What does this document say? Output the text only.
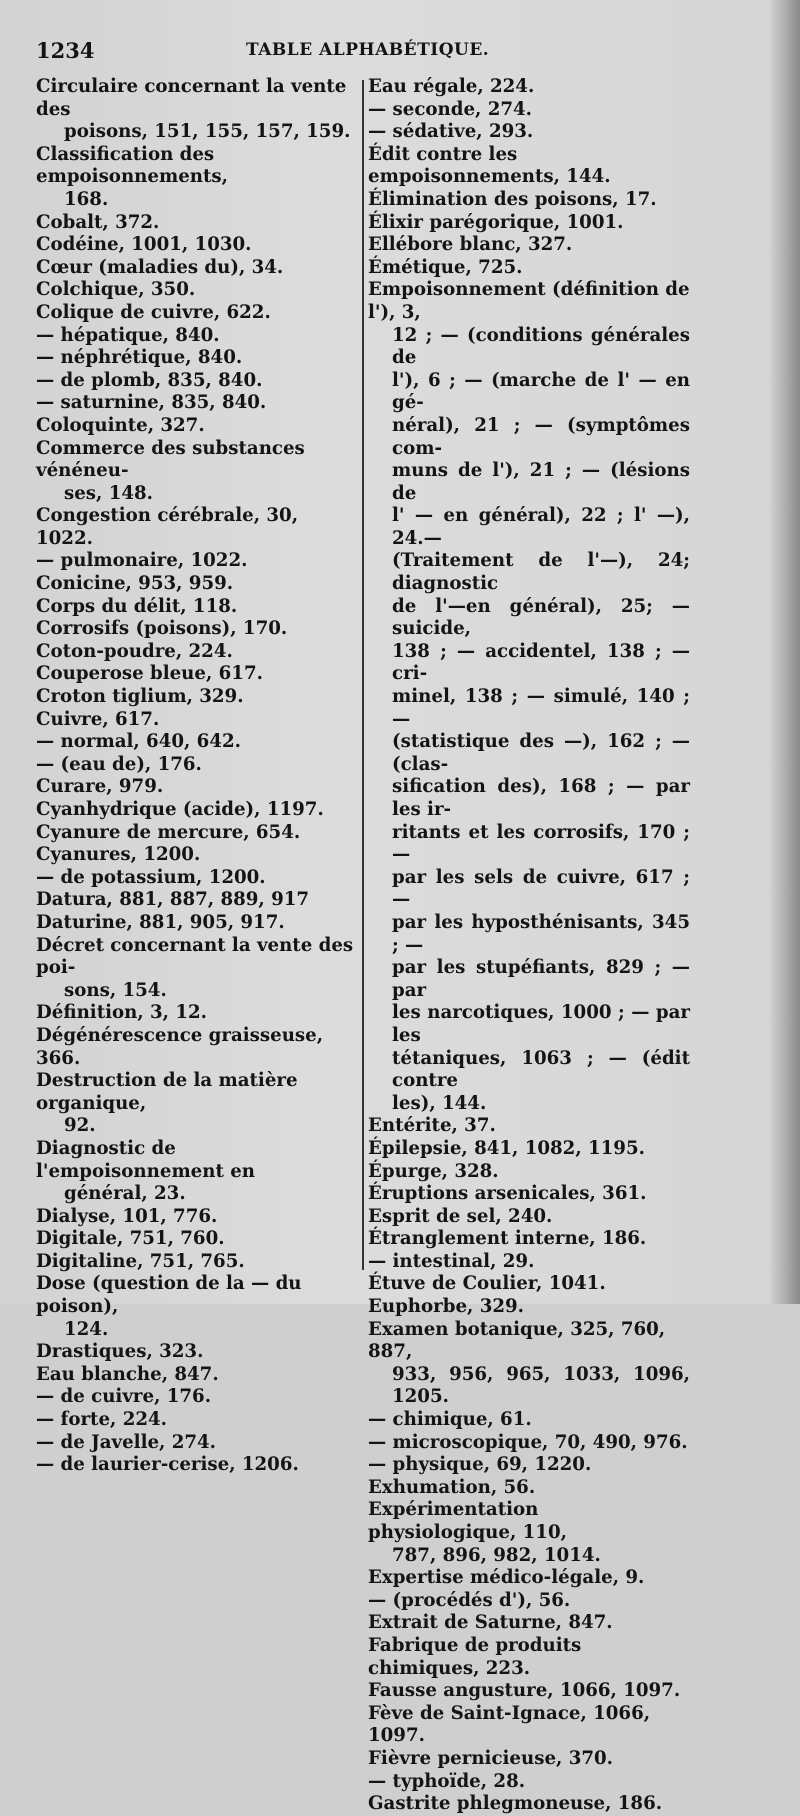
1234	TABLE ALPHABÉTIQUE.
Circulaire concernant la vente des
poisons, 151, 155, 157, 159.
Classification des empoisonnements,
168.
Cobalt, 372.
Codéine, 1001, 1030.
Cœur (maladies du), 34.
Colchique, 350.
Colique de cuivre, 622.
— hépatique, 840.
— néphrétique, 840.
— de plomb, 835, 840.
— saturnine, 835, 840.
Coloquinte, 327.
Commerce des substances vénéneu-
ses, 148.
Congestion cérébrale, 30, 1022.
— pulmonaire, 1022.
Conicine, 953, 959.
Corps du délit, 118.
Corrosifs (poisons), 170.
Coton-poudre, 224.
Couperose bleue, 617.
Croton tiglium, 329.
Cuivre, 617.
— normal, 640, 642.
— (eau de), 176.
Curare, 979.
Cyanhydrique (acide), 1197.
Cyanure de mercure, 654.
Cyanures, 1200.
— de potassium, 1200.
Datura, 881, 887, 889, 917
Daturine, 881, 905, 917.
Décret concernant la vente des poi-
sons, 154.
Définition, 3, 12.
Dégénérescence graisseuse, 366.
Destruction de la matière organique,
92.
Diagnostic de l'empoisonnement en
général, 23.
Dialyse, 101, 776.
Digitale, 751, 760.
Digitaline, 751, 765.
Dose (question de la — du poison),
124.
Drastiques, 323.
Eau blanche, 847.
— de cuivre, 176.
— forte, 224.
— de Javelle, 274.
— de laurier-cerise, 1206.
Eau régale, 224.
— seconde, 274.
— sédative, 293.
Édit contre les empoisonnements, 144.
Élimination des poisons, 17.
Élixir parégorique, 1001.
Ellébore blanc, 327.
Émétique, 725.
Empoisonnement (définition de l'), 3,
12 ; — (conditions générales de
l'), 6 ; — (marche de l' — en gé-
néral), 21 ; — (symptômes com-
muns de l'), 21 ; — (lésions de
l' — en général), 22 ; l' —), 24.—
(Traitement de l'—), 24; diagnostic
de l'—en général), 25; — suicide,
138 ; — accidentel, 138 ; — cri-
minel, 138 ; — simulé, 140 ; —
(statistique des —), 162 ; — (clas-
sification des), 168 ; — par les ir-
ritants et les corrosifs, 170 ; —
par les sels de cuivre, 617 ; —
par les hyposthénisants, 345 ; —
par les stupéfiants, 829 ; — par
les narcotiques, 1000 ; — par les
tétaniques, 1063 ; — (édit contre
les), 144.
Entérite, 37.
Épilepsie, 841, 1082, 1195.
Épurge, 328.
Éruptions arsenicales, 361.
Esprit de sel, 240.
Étranglement interne, 186.
— intestinal, 29.
Étuve de Coulier, 1041.
Euphorbe, 329.
Examen botanique, 325, 760, 887,
933, 956, 965, 1033, 1096, 1205.
— chimique, 61.
— microscopique, 70, 490, 976.
— physique, 69, 1220.
Exhumation, 56.
Expérimentation physiologique, 110,
787, 896, 982, 1014.
Expertise médico-légale, 9.
— (procédés d'), 56.
Extrait de Saturne, 847.
Fabrique de produits chimiques, 223.
Fausse angusture, 1066, 1097.
Fève de Saint-Ignace, 1066, 1097.
Fièvre pernicieuse, 370.
— typhoïde, 28.
Gastrite phlegmoneuse, 186.
